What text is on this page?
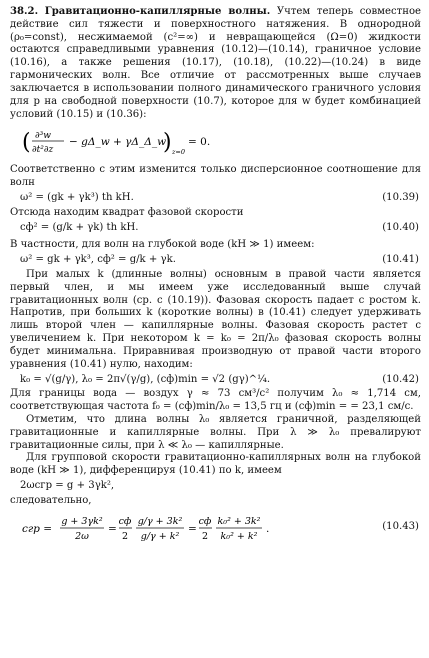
38.2. Гравитационно-капиллярные волны. Учтем теперь совместное действие сил тяжести и поверхностного натяжения. В однородной (ρ₀=const), несжимаемой (c²=∞) и невращающейся (Ω=0) жидкости остаются справедливыми уравнения (10.12)—(10.14), граничное условие (10.16), а также решения (10.17), (10.18), (10.22)—(10.24) в виде гармонических волн. Все отличие от рассмотренных выше случаев заключается в использовании полного динамического граничного условия для p на свободной поверхности (10.7), которое для w будет комбинацией условий (10.15) и (10.36):

( ∂³w
∂t²∂z
− gΔ_w + γΔ_Δ_w
) z=0
= 0.

Соответственно с этим изменится только дисперсионное соотношение для волн

ω² = (gk + γk³) th kH.	(10.39)

Отсюда находим квадрат фазовой скорости

cф² = (g/k + γk) th kH.	(10.40)

В частности, для волн на глубокой воде (kH ≫ 1) имеем:

ω² = gk + γk³, cф² = g/k + γk.	(10.41)

При малых k (длинные волны) основным в правой части является первый член, и мы имеем уже исследованный выше случай гравитационных волн (ср. с (10.19)). Фазовая скорость падает с ростом k. Напротив, при больших k (короткие волны) в (10.41) следует удерживать лишь второй член — капиллярные волны. Фазовая скорость растет с увеличением k. При некотором k = k₀ = 2π/λ₀ фазовая скорость волны будет минимальна. Приравнивая производную от правой части второго уравнения (10.41) нулю, находим:

k₀ = √(g/γ), λ₀ = 2π√(γ/g), (cф)min = √2 (gγ)^¼.	(10.42)

Для границы вода — воздух γ ≈ 73 см³/с² получим λ₀ ≈ 1,714 см, соответствующая частота f₀ = (cф)min/λ₀ = 13,5 гц и (cф)min = = 23,1 см/с.

Отметим, что длина волны λ₀ является граничной, разделяющей гравитационные и капиллярные волны. При λ ≫ λ₀ превалируют гравитационные силы, при λ ≪ λ₀ — капиллярные.

Для групповой скорости гравитационно-капиллярных волн на глубокой воде (kH ≫ 1), дифференцируя (10.41) по k, имеем

2ωcгр = g + 3γk²,

следовательно,

cгр =
g + 3γk²
2ω
=
cф
2
g/γ + 3k²
g/γ + k²
=
cф
2
k₀² + 3k²
k₀² + k²
.	(10.43)
